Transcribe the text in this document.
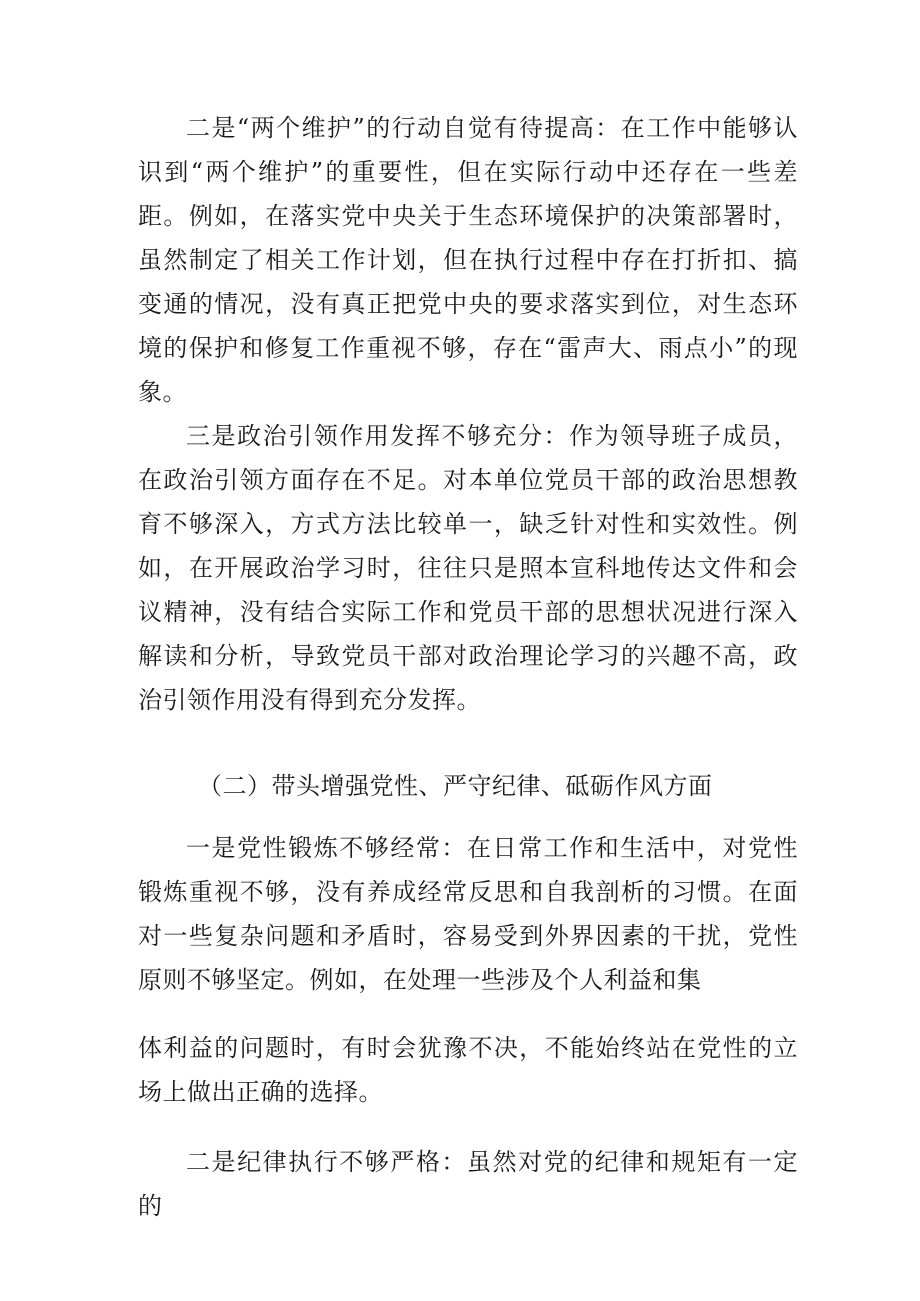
二是“两个维护”的行动自觉有待提高：在工作中能够认识到“两个维护”的重要性，但在实际行动中还存在一些差距。例如，在落实党中央关于生态环境保护的决策部署时，虽然制定了相关工作计划，但在执行过程中存在打折扣、搞变通的情况，没有真正把党中央的要求落实到位，对生态环境的保护和修复工作重视不够，存在“雷声大、雨点小”的现象。

三是政治引领作用发挥不够充分：作为领导班子成员，在政治引领方面存在不足。对本单位党员干部的政治思想教育不够深入，方式方法比较单一，缺乏针对性和实效性。例如，在开展政治学习时，往往只是照本宣科地传达文件和会议精神，没有结合实际工作和党员干部的思想状况进行深入解读和分析，导致党员干部对政治理论学习的兴趣不高，政治引领作用没有得到充分发挥。

（二）带头增强党性、严守纪律、砥砺作风方面

一是党性锻炼不够经常：在日常工作和生活中，对党性锻炼重视不够，没有养成经常反思和自我剖析的习惯。在面对一些复杂问题和矛盾时，容易受到外界因素的干扰，党性原则不够坚定。例如，在处理一些涉及个人利益和集

体利益的问题时，有时会犹豫不决，不能始终站在党性的立场上做出正确的选择。

二是纪律执行不够严格：虽然对党的纪律和规矩有一定的
